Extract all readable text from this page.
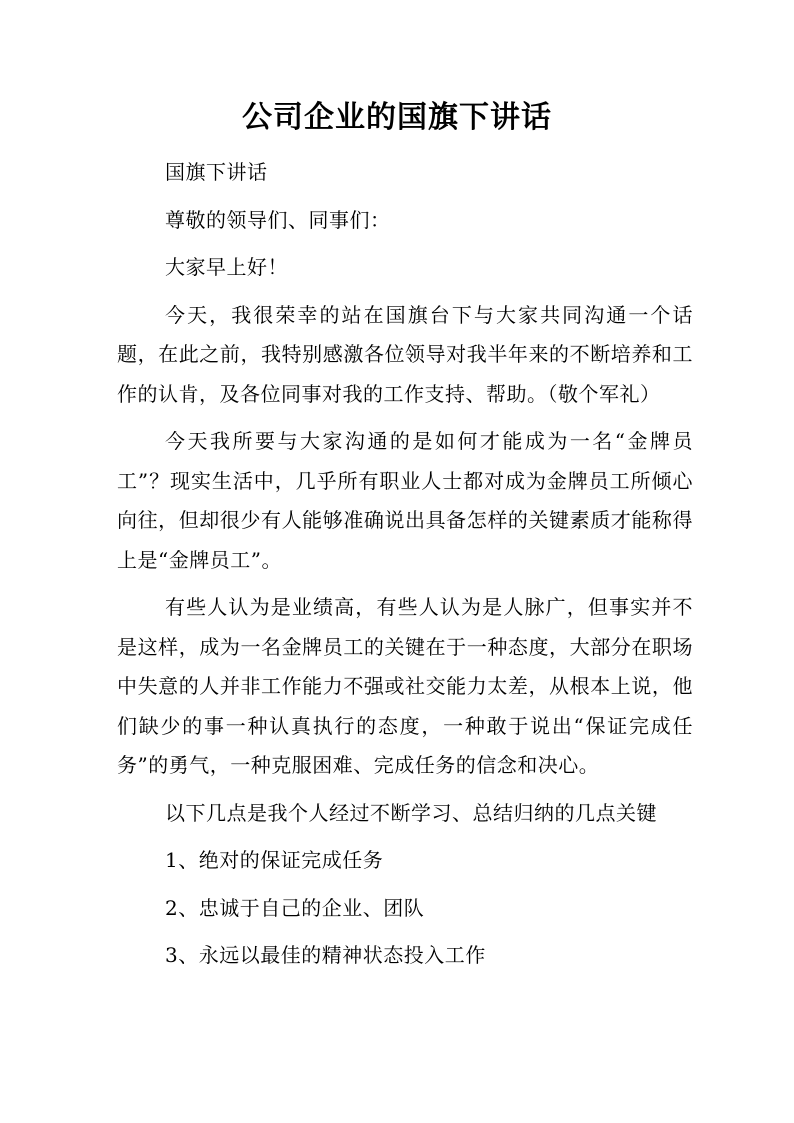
公司企业的国旗下讲话

国旗下讲话

尊敬的领导们、同事们：

大家早上好！

今天，我很荣幸的站在国旗台下与大家共同沟通一个话题，在此之前，我特别感激各位领导对我半年来的不断培养和工作的认肯，及各位同事对我的工作支持、帮助。（敬个军礼）

今天我所要与大家沟通的是如何才能成为一名“金牌员工”？现实生活中，几乎所有职业人士都对成为金牌员工所倾心向往，但却很少有人能够准确说出具备怎样的关键素质才能称得上是“金牌员工”。

有些人认为是业绩高，有些人认为是人脉广，但事实并不是这样，成为一名金牌员工的关键在于一种态度，大部分在职场中失意的人并非工作能力不强或社交能力太差，从根本上说，他们缺少的事一种认真执行的态度，一种敢于说出“保证完成任务”的勇气，一种克服困难、完成任务的信念和决心。

以下几点是我个人经过不断学习、总结归纳的几点关键

1、绝对的保证完成任务

2、忠诚于自己的企业、团队

3、永远以最佳的精神状态投入工作
